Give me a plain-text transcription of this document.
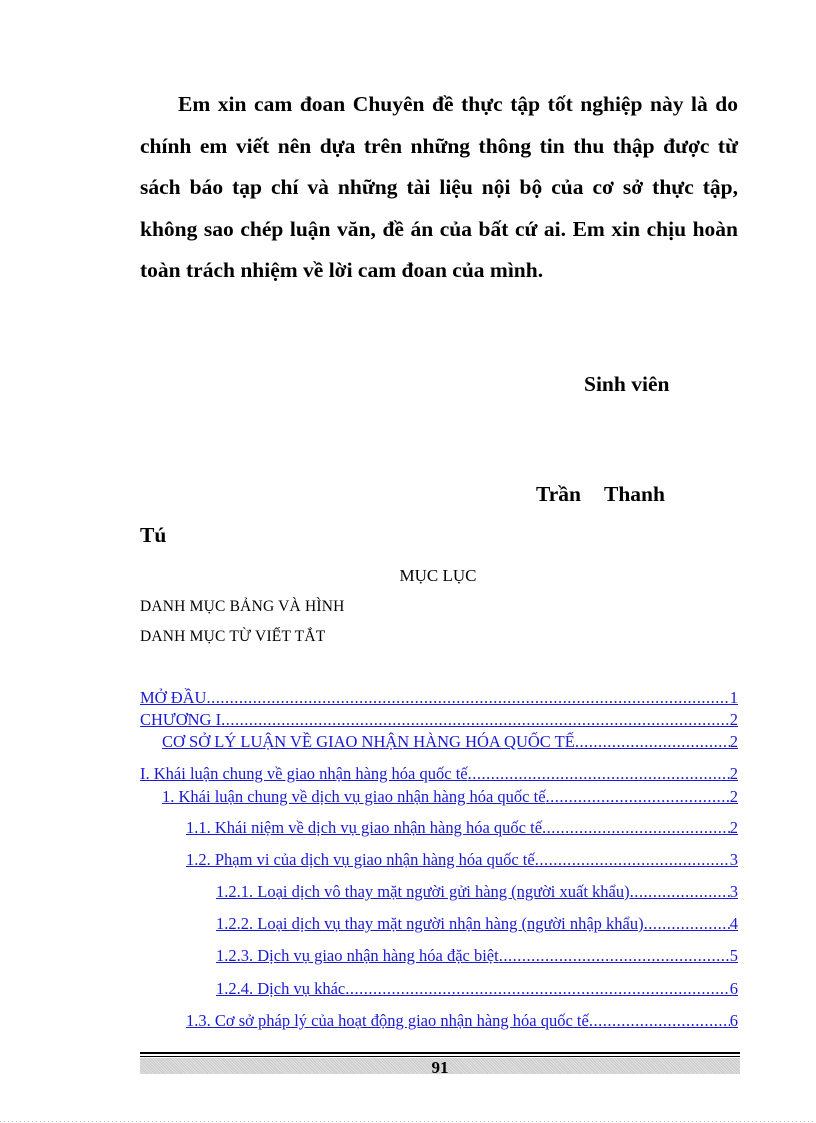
Em xin cam đoan Chuyên đề thực tập tốt nghiệp này là do chính em viết nên dựa trên những thông tin thu thập được từ sách báo tạp chí và những tài liệu nội bộ của cơ sở thực tập, không sao chép luận văn, đề án của bất cứ ai. Em xin chịu hoàn toàn trách nhiệm về lời cam đoan của mình.

Sinh viên
Trần Thanh
Tú
MỤC LỤC
DANH MỤC BẢNG VÀ HÌNH
DANH MỤC TỪ VIẾT TẮT
MỞ ĐẦU .....	1
CHƯƠNG I .....	2
CƠ SỞ LÝ LUẬN VỀ GIAO NHẬN HÀNG HÓA QUỐC TẾ .....	2
I. Khái luận chung về giao nhận hàng hóa quốc tế .....	2
1. Khái luận chung về dịch vụ giao nhận hàng hóa quốc tế .....	2
1.1. Khái niệm về dịch vụ giao nhận hàng hóa quốc tế .....	2
1.2. Phạm vi của dịch vụ giao nhận hàng hóa quốc tế .....	3
1.2.1. Loại dịch vô thay mặt người gửi hàng (người xuất khẩu) .....	3
1.2.2. Loại dịch vụ thay mặt người nhận hàng (người nhập khẩu) .....	4
1.2.3. Dịch vụ giao nhận hàng hóa đặc biệt .....	5
1.2.4. Dịch vụ khác .....	6
1.3. Cơ sở pháp lý của hoạt động giao nhận hàng hóa quốc tế .....	6
91
